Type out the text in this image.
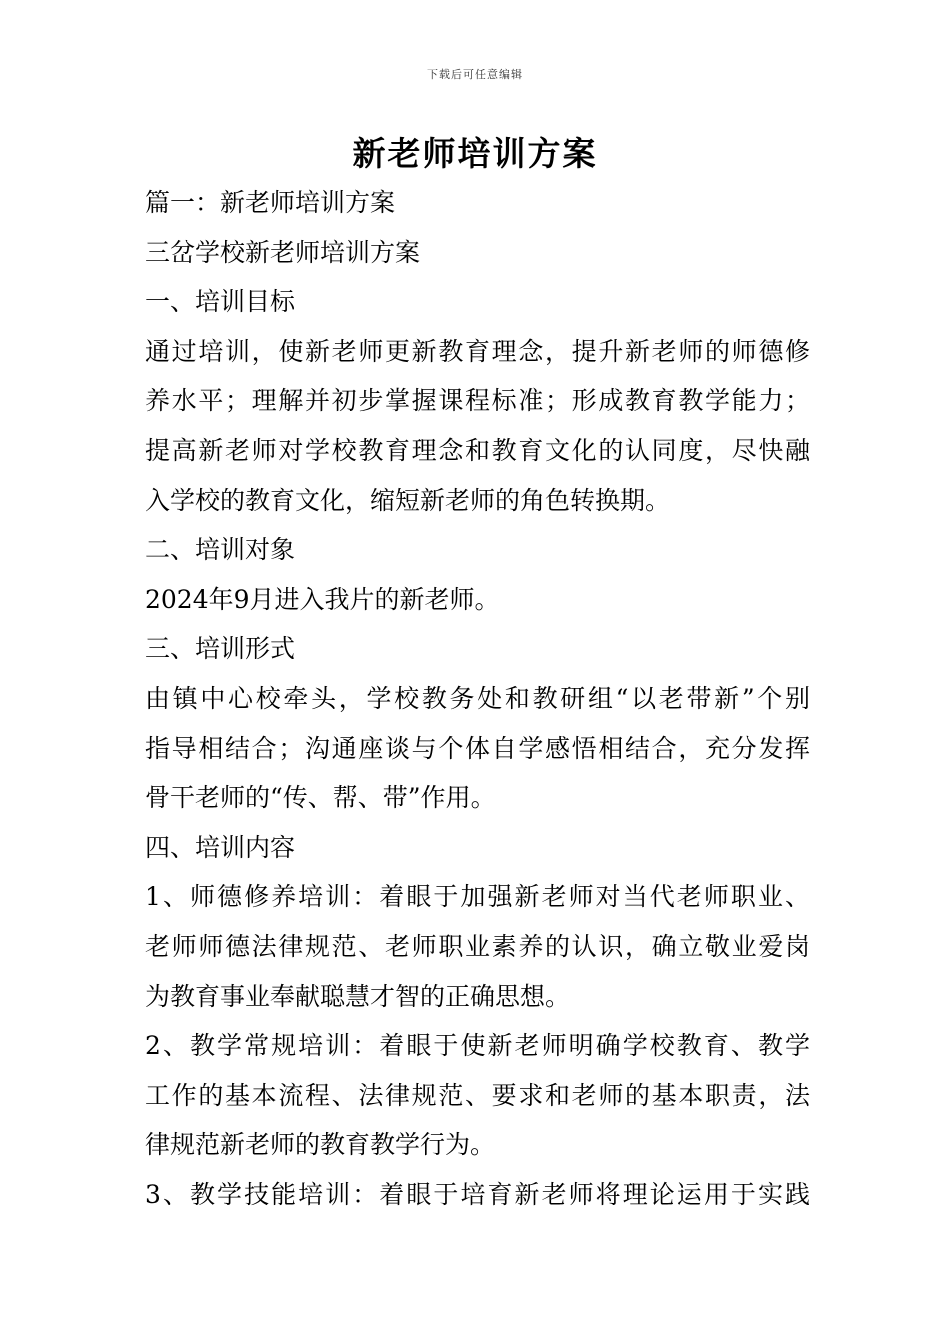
下载后可任意编辑
新老师培训方案

篇一：新老师培训方案

三岔学校新老师培训方案

一、培训目标

通过培训，使新老师更新教育理念，提升新老师的师德修

养水平；理解并初步掌握课程标准；形成教育教学能力；

提高新老师对学校教育理念和教育文化的认同度，尽快融

入学校的教育文化，缩短新老师的角色转换期。

二、培训对象

2024年9月进入我片的新老师。

三、培训形式

由镇中心校牵头，学校教务处和教研组“以老带新”个别

指导相结合；沟通座谈与个体自学感悟相结合，充分发挥

骨干老师的“传、帮、带”作用。

四、培训内容

1、师德修养培训：着眼于加强新老师对当代老师职业、

老师师德法律规范、老师职业素养的认识，确立敬业爱岗

为教育事业奉献聪慧才智的正确思想。

2、教学常规培训：着眼于使新老师明确学校教育、教学

工作的基本流程、法律规范、要求和老师的基本职责，法

律规范新老师的教育教学行为。

3、教学技能培训：着眼于培育新老师将理论运用于实践
